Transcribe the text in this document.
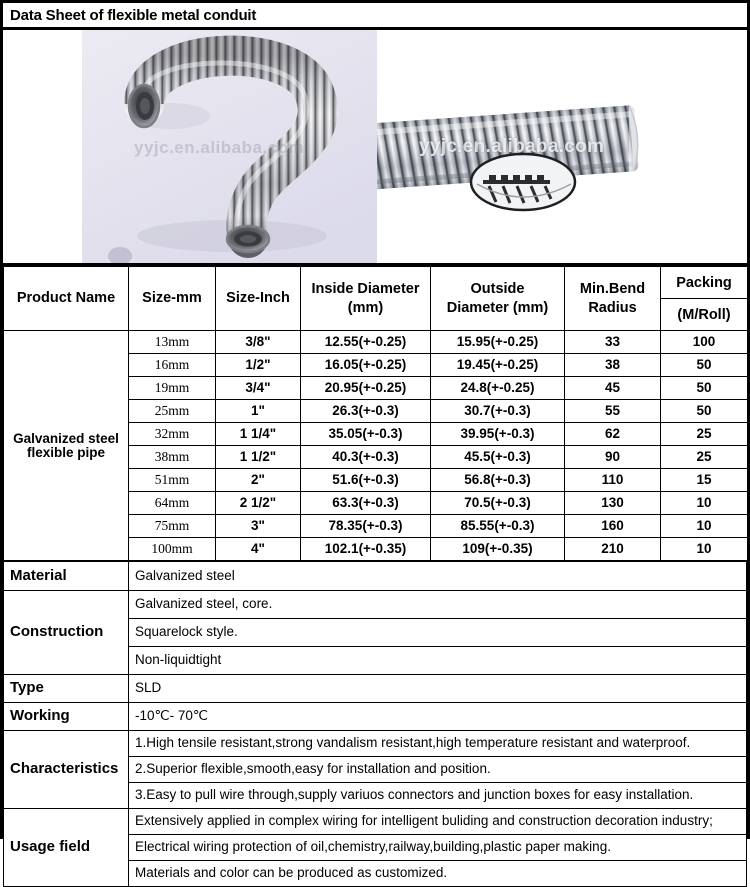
Data Sheet of flexible metal conduit
yyjc.en.alibaba.com	yyjc.en.alibaba.com
Product Name	Size-mm	Size-Inch	
Inside Diameter
(mm)

Outside
Diameter (mm)

Min.Bend
Radius

Packing
(M/Roll)

Galvanized steel flexible pipe	13mm	3/8"	12.55(+-0.25)	15.95(+-0.25)	33	100
16mm	1/2"	16.05(+-0.25)	19.45(+-0.25)	38	50
19mm	3/4"	20.95(+-0.25)	24.8(+-0.25)	45	50
25mm	1"	26.3(+-0.3)	30.7(+-0.3)	55	50
32mm	1 1/4"	35.05(+-0.3)	39.95(+-0.3)	62	25
38mm	1 1/2"	40.3(+-0.3)	45.5(+-0.3)	90	25
51mm	2"	51.6(+-0.3)	56.8(+-0.3)	110	15
64mm	2 1/2"	63.3(+-0.3)	70.5(+-0.3)	130	10
75mm	3"	78.35(+-0.3)	85.55(+-0.3)	160	10
100mm	4"	102.1(+-0.35)	109(+-0.35)	210	10
Material	Galvanized steel
Construction	Galvanized steel, core.
	Squarelock style.
	Non-liquidtight
Type	SLD
Working	-10℃- 70℃
Characteristics	1.High tensile resistant,strong vandalism resistant,high temperature resistant and waterproof.
	2.Superior flexible,smooth,easy for installation and position.
	3.Easy to pull wire through,supply variuos connectors and junction boxes for easy installation.
Usage field	Extensively applied in complex wiring for intelligent buliding and construction decoration industry;
	Electrical wiring protection of oil,chemistry,railway,building,plastic paper making.
	Materials and color can be produced as customized.
